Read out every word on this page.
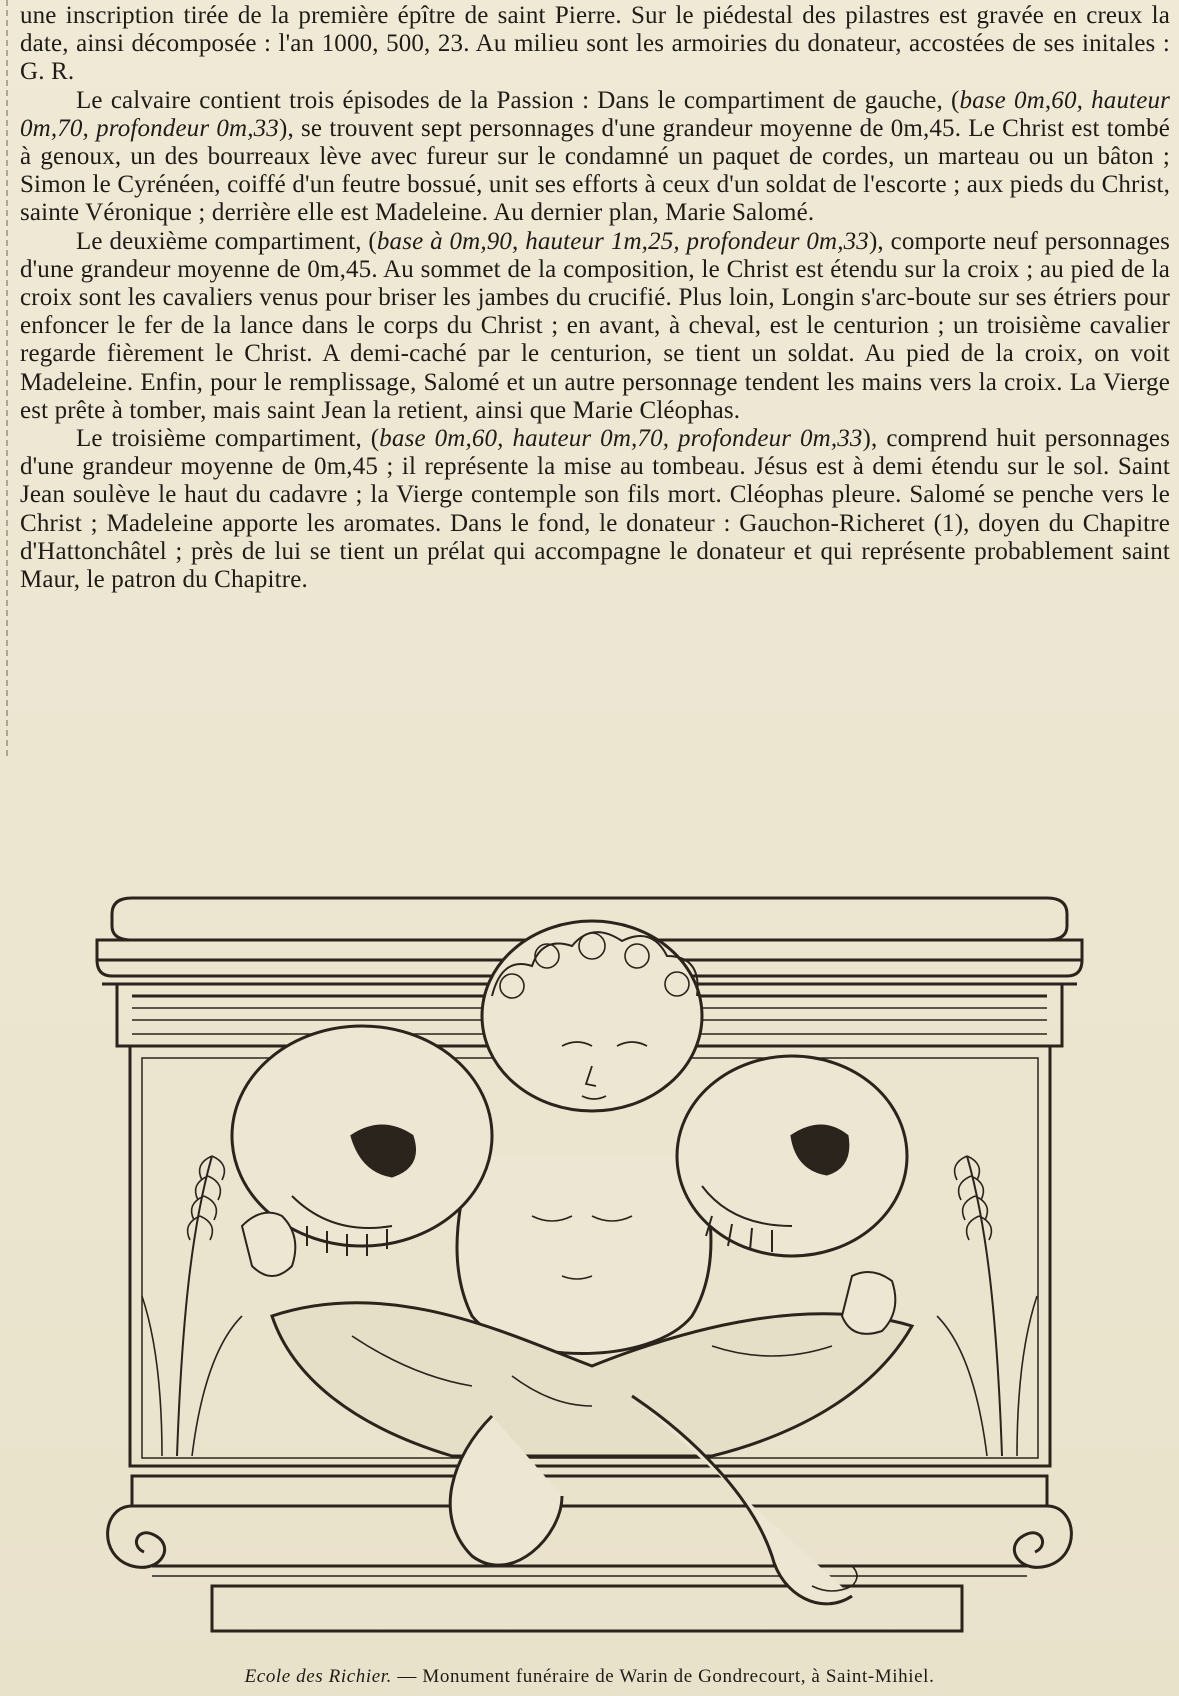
une inscription tirée de la première épître de saint Pierre. Sur le piédestal des pilastres est gravée en creux la date, ainsi décomposée : l'an 1000, 500, 23. Au milieu sont les armoiries du donateur, accostées de ses initales : G. R.

Le calvaire contient trois épisodes de la Passion : Dans le compartiment de gauche, (base 0m,60, hauteur 0m,70, profondeur 0m,33), se trouvent sept personnages d'une grandeur moyenne de 0m,45. Le Christ est tombé à genoux, un des bourreaux lève avec fureur sur le condamné un paquet de cordes, un marteau ou un bâton ; Simon le Cyrénéen, coiffé d'un feutre bossué, unit ses efforts à ceux d'un soldat de l'escorte ; aux pieds du Christ, sainte Véronique ; derrière elle est Madeleine. Au dernier plan, Marie Salomé.

Le deuxième compartiment, (base à 0m,90, hauteur 1m,25, profondeur 0m,33), comporte neuf personnages d'une grandeur moyenne de 0m,45. Au sommet de la composition, le Christ est étendu sur la croix ; au pied de la croix sont les cavaliers venus pour briser les jambes du crucifié. Plus loin, Longin s'arc-boute sur ses étriers pour enfoncer le fer de la lance dans le corps du Christ ; en avant, à cheval, est le centurion ; un troisième cavalier regarde fièrement le Christ. A demi-caché par le centurion, se tient un soldat. Au pied de la croix, on voit Madeleine. Enfin, pour le remplissage, Salomé et un autre personnage tendent les mains vers la croix. La Vierge est prête à tomber, mais saint Jean la retient, ainsi que Marie Cléophas.

Le troisième compartiment, (base 0m,60, hauteur 0m,70, profondeur 0m,33), comprend huit personnages d'une grandeur moyenne de 0m,45 ; il représente la mise au tombeau. Jésus est à demi étendu sur le sol. Saint Jean soulève le haut du cadavre ; la Vierge contemple son fils mort. Cléophas pleure. Salomé se penche vers le Christ ; Madeleine apporte les aromates. Dans le fond, le donateur : Gauchon-Richeret (1), doyen du Chapitre d'Hattonchâtel ; près de lui se tient un prélat qui accompagne le donateur et qui représente probablement saint Maur, le patron du Chapitre.

Ecole des Richier. — Monument funéraire de Warin de Gondrecourt, à Saint-Mihiel.
